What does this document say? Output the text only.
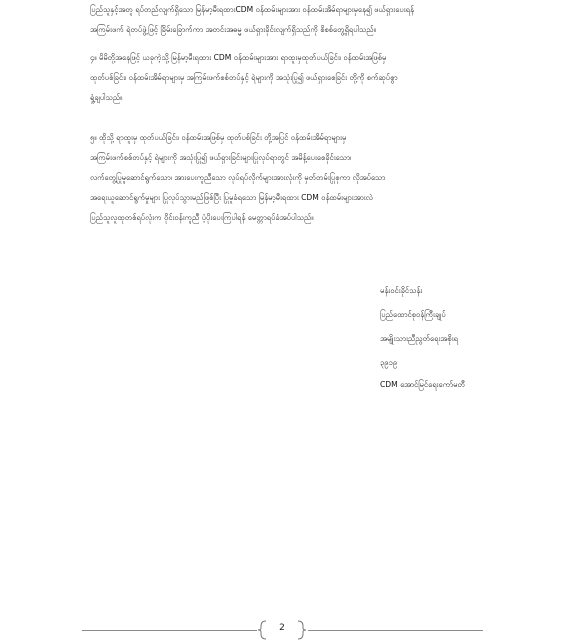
ပြည်သူနှင့်အတူ ရပ်တည်လျက်ရှိသော မြန်မာ့မီးရထားCDM ဝန်ထမ်းများအား ဝန်ထမ်းအိမ်ရာများမှနေ၍ ဖယ်ရှားပေးရန်
အကြမ်းဖက် ရဲတပ်ဖွဲ့ဖြင့် ခြိမ်းခြောက်ကာ အတင်းအဓမ္မ ဖယ်ရှားခိုင်းလျက်ရှိသည်ကို စိစစ်တွေ့ရှိရပါသည်။

၄။ မိမိတို့အနေဖြင့် ယခုကဲ့သို့ မြန်မာ့မီးရထား CDM ဝန်ထမ်းများအား ရာထူးမှထုတ်ပယ်ခြင်း၊ ဝန်ထမ်းအဖြစ်မှ
ထုတ်ပစ်ခြင်း၊ ဝန်ထမ်းအိမ်ရာများမှ အကြမ်းဖက်စစ်တပ်နှင့် ရဲများကို အသုံးပြု၍ ဖယ်ရှားစေခြင်း တို့ကို စက်ဆုပ်စွာ
ရှုံ့ချပါသည်။

၅။ ထိုသို့ ရာထူးမှ ထုတ်ပယ်ခြင်း၊ ဝန်ထမ်းအဖြစ်မှ ထုတ်ပစ်ခြင်း တို့အပြင် ဝန်ထမ်းအိမ်ရာများမှ
အကြမ်းဖက်စစ်တပ်နှင့် ရဲများကို အသုံးပြု၍ ဖယ်ရှားခြင်းများပြုလုပ်ရာတွင် အမိန့်ပေးစေခိုင်းသော၊
လက်တွေ့ပြုမူဆောင်ရွက်သော၊ အားပေးကူညီသော လုပ်ရပ်လိုက်များအားလုံးကို မှတ်တမ်းပြုစုကာ လိုအပ်သော
အရေးယူဆောင်ရွက်မှုများ ပြုလုပ်သွားမည်ဖြစ်ပြီး ပြုမူခံရသော မြန်မာ့မီးရထား CDM ဝန်ထမ်းများအားလဲ
ပြည်သူလူထုတစ်ရပ်လုံးက ဝိုင်းဝန်းကူညီ ပံ့ပိုးပေးကြပါရန် မေတ္တာရပ်ခံအပ်ပါသည်။

မန်းဝင်းခိုင်သန်း
ပြည်ထောင်စုဝန်ကြီးချုပ်
အမျိုးသားညီညွတ်ရေးအစိုးရ
၃၉၁၉
CDM အောင်မြင်ရေးကော်မတီ
2
